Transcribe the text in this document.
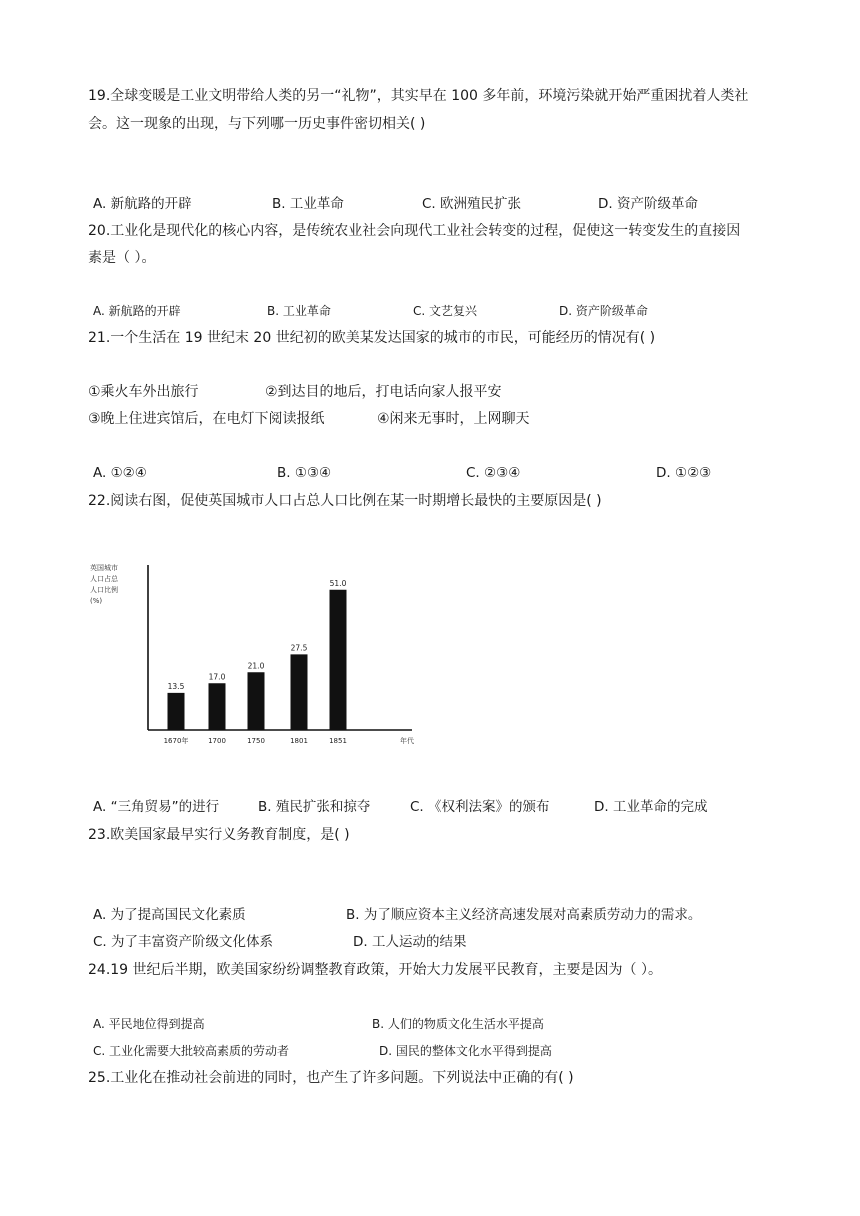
19.全球变暖是工业文明带给人类的另一“礼物”，其实早在 100 多年前，环境污染就开始严重困扰着人类社
会。这一现象的出现，与下列哪一历史事件密切相关( )
A. 新航路的开辟	B. 工业革命	C. 欧洲殖民扩张	D. 资产阶级革命
20.工业化是现代化的核心内容，是传统农业社会向现代工业社会转变的过程，促使这一转变发生的直接因
素是（ ）。
A. 新航路的开辟	B. 工业革命	C. 文艺复兴	D. 资产阶级革命
21.一个生活在 19 世纪末 20 世纪初的欧美某发达国家的城市的市民，可能经历的情况有( )
①乘火车外出旅行	②到达目的地后，打电话向家人报平安
③晚上住进宾馆后，在电灯下阅读报纸	④闲来无事时，上网聊天
A. ①②④	B. ①③④	C. ②③④	D. ①②③
22.阅读右图，促使英国城市人口占总人口比例在某一时期增长最快的主要原因是( )
英国城市
人口占总
人口比例
(%)
13.5
1670年
17.0
1700
21.0
1750
27.5
1801
51.0
1851	年代
A. “三角贸易”的进行	B. 殖民扩张和掠夺	C. 《权利法案》的颁布	D. 工业革命的完成
23.欧美国家最早实行义务教育制度，是( )
A. 为了提高国民文化素质	B. 为了顺应资本主义经济高速发展对高素质劳动力的需求。
C. 为了丰富资产阶级文化体系	D. 工人运动的结果
24.19 世纪后半期，欧美国家纷纷调整教育政策，开始大力发展平民教育，主要是因为（ ）。
A. 平民地位得到提高	B. 人们的物质文化生活水平提高
C. 工业化需要大批较高素质的劳动者	D. 国民的整体文化水平得到提高
25.工业化在推动社会前进的同时，也产生了许多问题。下列说法中正确的有( )
